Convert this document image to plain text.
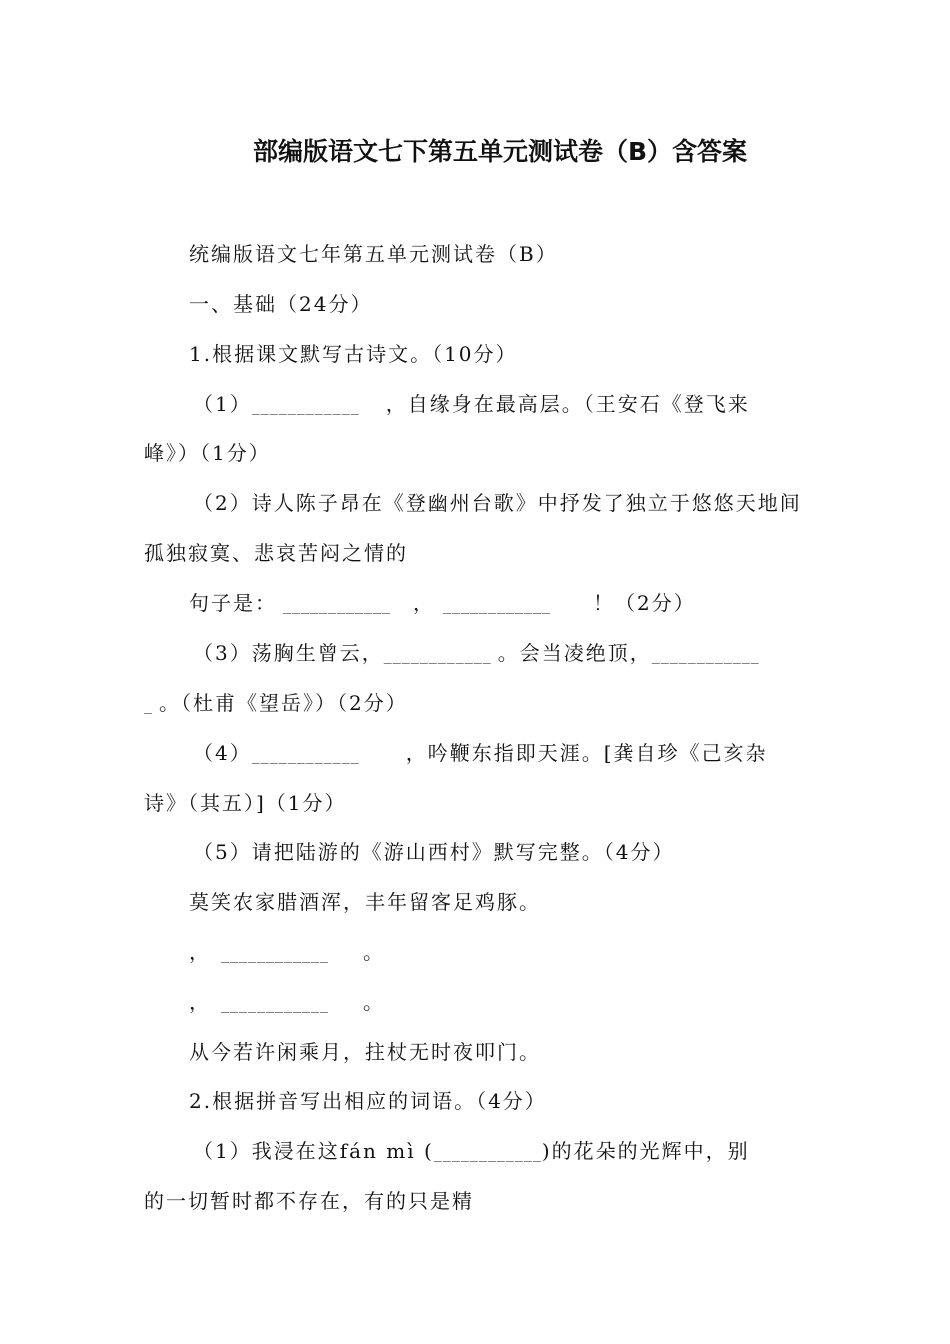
部编版语文七下第五单元测试卷（B）含答案
统编版语文七年第五单元测试卷（B）
一、基础（24分）
1.根据课文默写古诗文。（10分）
（1）____________ ，自缘身在最高层。（王安石《登飞来
峰》）（1分）
（2）诗人陈子昂在《登幽州台歌》中抒发了独立于悠悠天地间
孤独寂寞、悲哀苦闷之情的
句子是： ____________ ， ____________ ！（2分）
（3）荡胸生曾云，____________ 。会当凌绝顶，____________
_ 。（杜甫《望岳》）（2分）
（4）____________ ，吟鞭东指即天涯。[龚自珍《己亥杂
诗》（其五）]（1分）
（5）请把陆游的《游山西村》默写完整。（4分）
莫笑农家腊酒浑，丰年留客足鸡豚。
， ____________ 。
， ____________ 。
从今若许闲乘月，拄杖无时夜叩门。
2.根据拼音写出相应的词语。（4分）
（1）我浸在这fán mì (____________)的花朵的光辉中，别
的一切暂时都不存在，有的只是精
